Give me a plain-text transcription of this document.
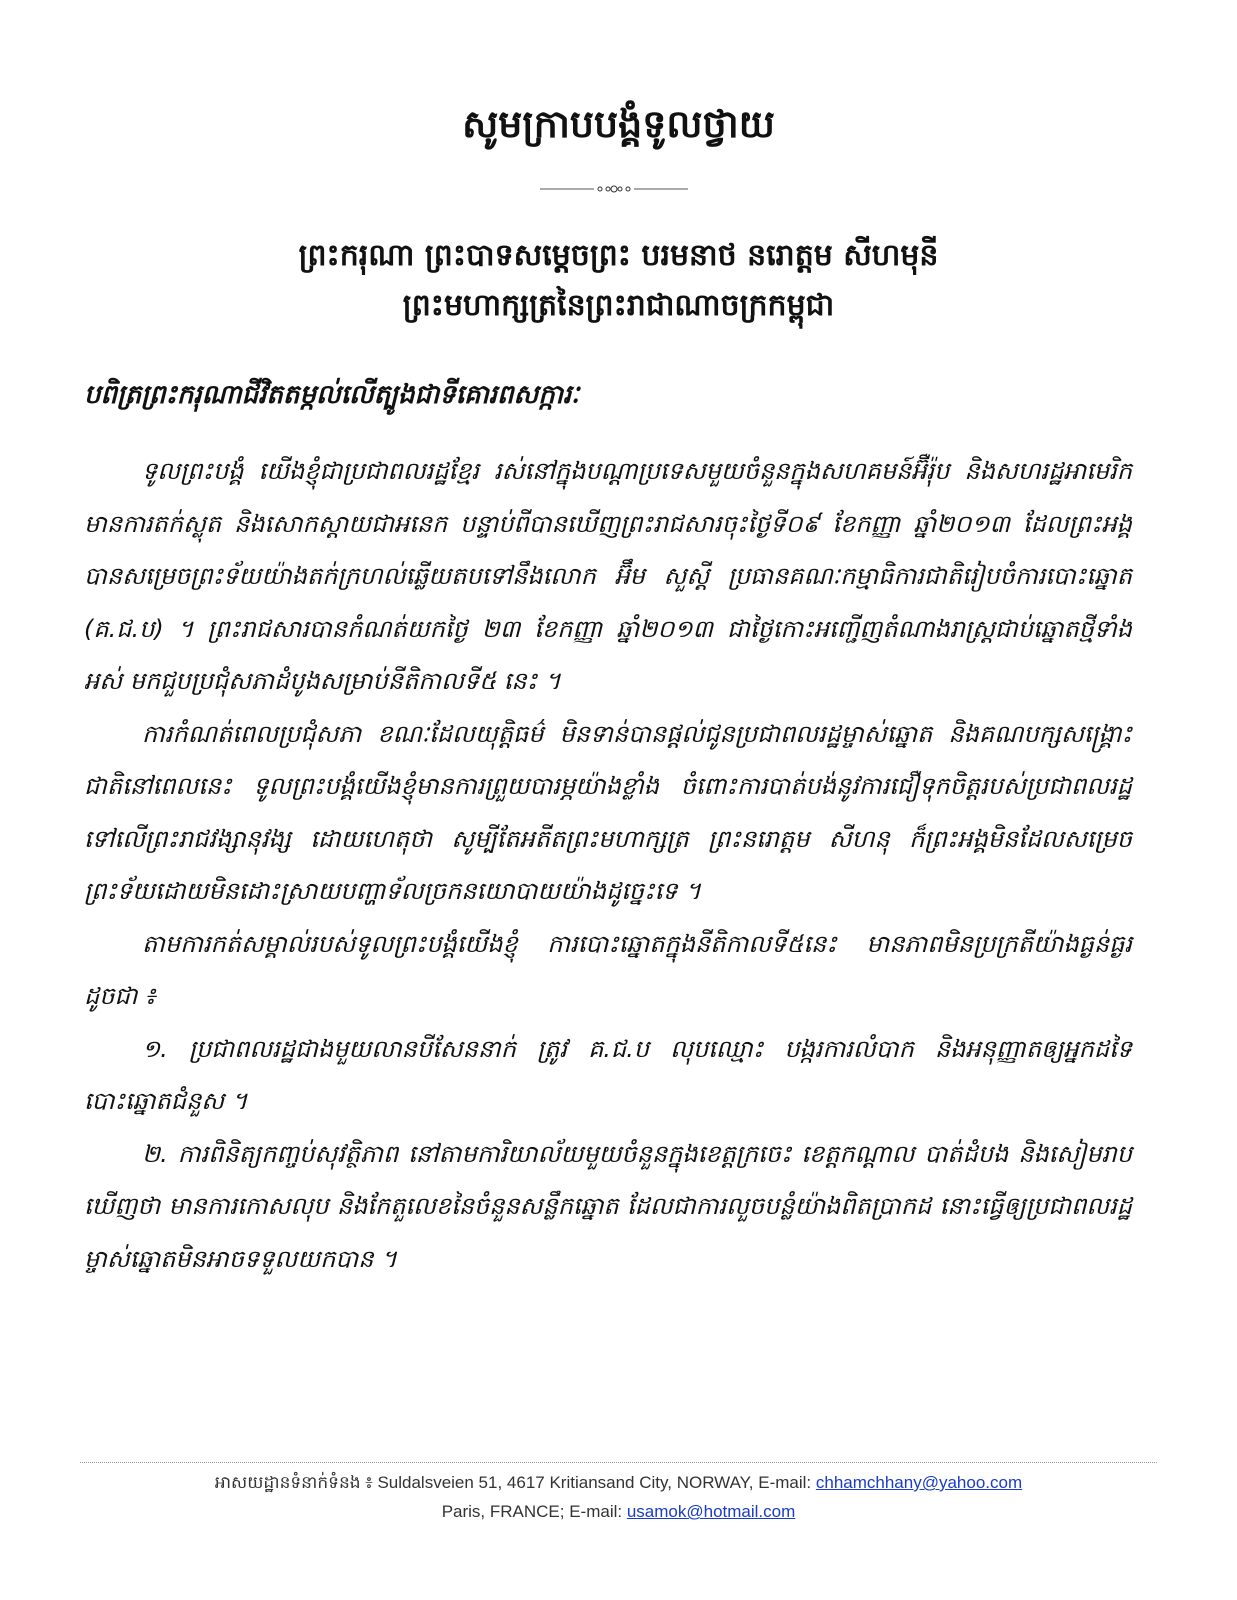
សូមក្រាបបង្គំទូលថ្វាយ
ព្រះករុណា ព្រះបាទសម្តេចព្រះ បរមនាថ នរោត្តម សីហមុនី
ព្រះមហាក្សត្រនៃព្រះរាជាណាចក្រកម្ពុជា
បពិត្រព្រះករុណាជីវិតតម្កល់លើត្បូងជាទីគោរពសក្ការៈ

ទូលព្រះបង្គំ យើងខ្ញុំជាប្រជាពលរដ្ឋខ្មែរ រស់នៅក្នុងបណ្តាប្រទេសមួយចំនួនក្នុងសហគមន៍អ៊ឺរ៉ុប និងសហរដ្ឋអាមេរិក មានការតក់ស្លុត និងសោកស្តាយជាអនេក បន្ទាប់ពីបានឃើញព្រះរាជសារចុះថ្ងៃទី០៩ ខែកញ្ញា ឆ្នាំ២០១៣ ដែលព្រះអង្គបានសម្រេចព្រះទ័យយ៉ាងតក់ក្រហល់ឆ្លើយតបទៅនឹងលោក អ៊ឹម សួស្តី ប្រធានគណៈកម្មាធិការជាតិរៀបចំការបោះឆ្នោត (គ.ជ.ប) ។ ព្រះរាជសារបានកំណត់យកថ្ងៃ ២៣ ខែកញ្ញា ឆ្នាំ២០១៣ ជាថ្ងៃកោះអញ្ជើញតំណាងរាស្ត្រជាប់ឆ្នោតថ្មីទាំងអស់ មកជួបប្រជុំសភាដំបូងសម្រាប់នីតិកាលទី៥ នេះ ។

ការកំណត់ពេលប្រជុំសភា ខណៈដែលយុត្តិធម៌ មិនទាន់បានផ្តល់ជូនប្រជាពលរដ្ឋម្ចាស់ឆ្នោត និងគណបក្សសង្គ្រោះជាតិនៅពេលនេះ ទូលព្រះបង្គំយើងខ្ញុំមានការព្រួយបារម្ភយ៉ាងខ្លាំង ចំពោះការបាត់បង់នូវការជឿទុកចិត្តរបស់ប្រជាពលរដ្ឋ ទៅលើព្រះរាជវង្សានុវង្ស ដោយហេតុថា សូម្បីតែអតីតព្រះមហាក្សត្រ ព្រះនរោត្តម សីហនុ ក៏ព្រះអង្គមិនដែលសម្រេចព្រះទ័យដោយមិនដោះស្រាយបញ្ហាទ័លច្រកនយោបាយយ៉ាងដូច្នេះទេ ។

តាមការកត់សម្គាល់របស់ទូលព្រះបង្គំយើងខ្ញុំ ការបោះឆ្នោតក្នុងនីតិកាលទី៥នេះ មានភាពមិនប្រក្រតីយ៉ាងធ្ងន់ធ្ងរ ដូចជា ៖

១. ប្រជាពលរដ្ឋជាងមួយលានបីសែននាក់ ត្រូវ គ.ជ.ប លុបឈ្មោះ បង្ករការលំបាក និងអនុញ្ញាតឲ្យអ្នកដទៃបោះឆ្នោតជំនួស ។

២. ការពិនិត្យកញ្ចប់សុវត្ថិភាព នៅតាមការិយាល័យមួយចំនួនក្នុងខេត្តក្រចេះ ខេត្តកណ្តាល បាត់ដំបង និងសៀមរាប ឃើញថា មានការកោសលុប និងកែតួលេខនៃចំនួនសន្លឹកឆ្នោត ដែលជាការលួចបន្លំយ៉ាងពិតប្រាកដ នោះធ្វើឲ្យប្រជាពលរដ្ឋម្ចាស់ឆ្នោតមិនអាចទទួលយកបាន ។

អាសយដ្ឋានទំនាក់ទំនង ៖ Suldalsveien 51, 4617 Kritiansand City, NORWAY, E-mail: chhamchhany@yahoo.com
Paris, FRANCE; E-mail: usamok@hotmail.com
